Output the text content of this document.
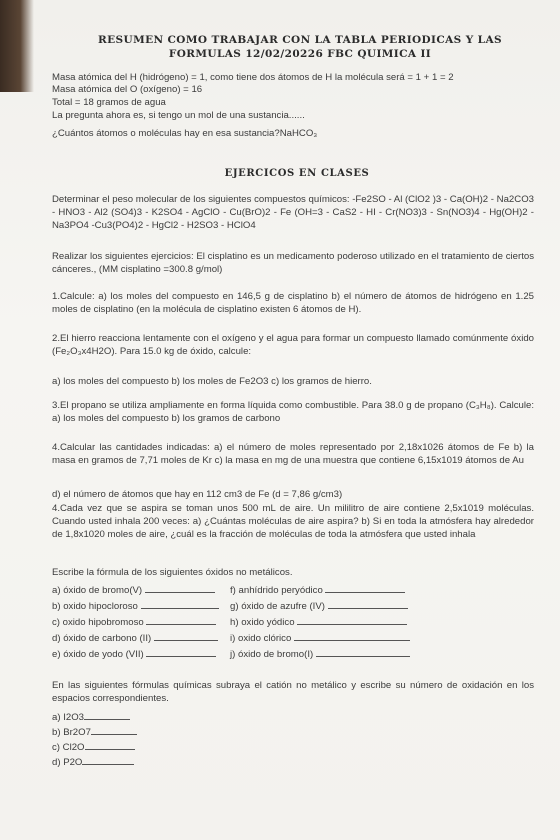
RESUMEN COMO TRABAJAR CON LA TABLA PERIODICAS Y LAS
FORMULAS 12/02/20226 FBC QUIMICA II
Masa atómica del H (hidrógeno) = 1, como tiene dos átomos de H la molécula será = 1 + 1 = 2
Masa atómica del O (oxígeno) = 16
Total = 18 gramos de agua
La pregunta ahora es, si tengo un mol de una sustancia......
¿Cuántos átomos o moléculas hay en esa sustancia?NaHCO₃
EJERCICOS EN CLASES
Determinar el peso molecular de los siguientes compuestos químicos: -Fe2SO - Al (ClO2 )3 - Ca(OH)2 - Na2CO3 - HNO3 - Al2 (SO4)3 - K2SO4 - AgClO - Cu(BrO)2 - Fe (OH=3 - CaS2 - HI - Cr(NO3)3 - Sn(NO3)4 - Hg(OH)2 - Na3PO4 -Cu3(PO4)2 - HgCl2 - H2SO3 - HClO4
Realizar los siguientes ejercicios: El cisplatino es un medicamento poderoso utilizado en el tratamiento de ciertos cánceres., (MM cisplatino =300.8 g/mol)
1.Calcule: a) los moles del compuesto en 146,5 g de cisplatino b) el número de átomos de hidrógeno en 1.25 moles de cisplatino (en la molécula de cisplatino existen 6 átomos de H).
2.El hierro reacciona lentamente con el oxígeno y el agua para formar un compuesto llamado comúnmente óxido (Fe₂O₃x4H2O). Para 15.0 kg de óxido, calcule:
a) los moles del compuesto b) los moles de Fe2O3 c) los gramos de hierro.
3.El propano se utiliza ampliamente en forma líquida como combustible. Para 38.0 g de propano (C₃H₈). Calcule: a) los moles del compuesto b) los gramos de carbono
4.Calcular las cantidades indicadas: a) el número de moles representado por 2,18x1026 átomos de Fe b) la masa en gramos de 7,71 moles de Kr c) la masa en mg de una muestra que contiene 6,15x1019 átomos de Au
d) el número de átomos que hay en 112 cm3 de Fe (d = 7,86 g/cm3)
4.Cada vez que se aspira se toman unos 500 mL de aire. Un mililitro de aire contiene 2,5x1019 moléculas. Cuando usted inhala 200 veces: a) ¿Cuántas moléculas de aire aspira? b) Si en toda la atmósfera hay alrededor de 1,8x1020 moles de aire, ¿cuál es la fracción de moléculas de toda la atmósfera que usted inhala
Escribe la fórmula de los siguientes óxidos no metálicos.
a) óxido de bromo(V)
b) oxido hipocloroso
c) oxido hipobromoso
d) óxido de carbono (II)
e) óxido de yodo (VII)
f) anhídrido peryódico
g) óxido de azufre (IV)
h) oxido yódico
i) oxido clórico
j) óxido de bromo(I)
En las siguientes fórmulas químicas subraya el catión no metálico y escribe su número de oxidación en los espacios correspondientes.
a) I2O3
b) Br2O7
c) Cl2O
d) P2O
